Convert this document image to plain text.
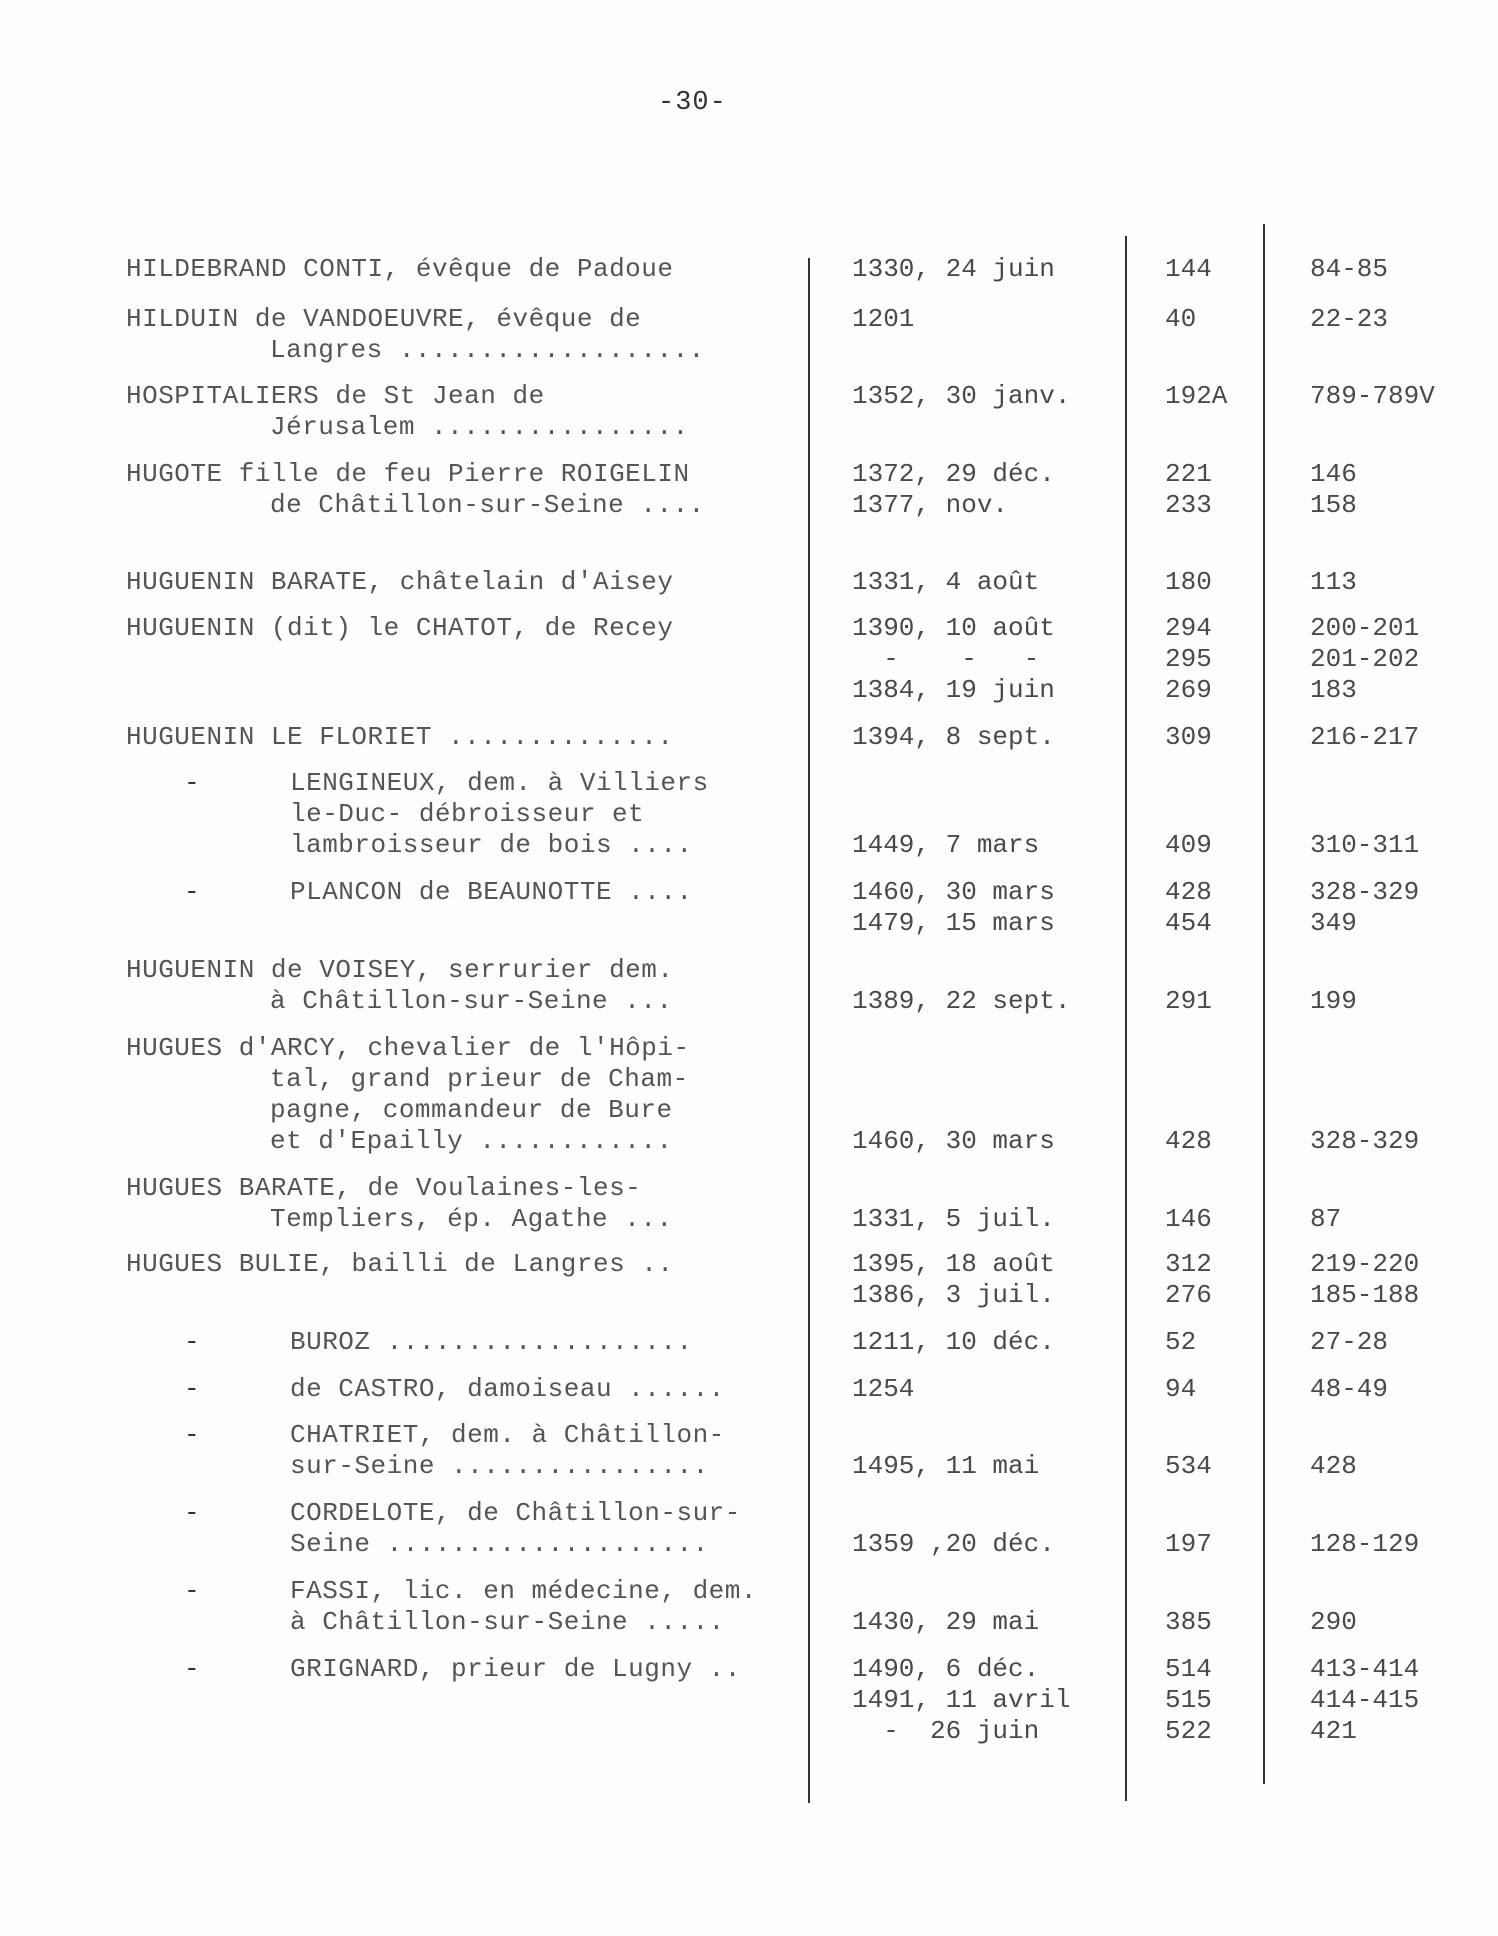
-30-
HILDEBRAND CONTI, évêque de Padoue	1330, 24 juin	144	84-85
HILDUIN de VANDOEUVRE, évêque de
Langres ...................
1201	40	22-23
HOSPITALIERS de St Jean de
Jérusalem ................
1352, 30 janv.	192A	789-789V
HUGOTE fille de feu Pierre ROIGELIN
de Châtillon-sur-Seine ....
1372, 29 déc.	221	146
1377, nov.	233	158
HUGUENIN BARATE, châtelain d'Aisey	1331, 4 août	180	113
HUGUENIN (dit) le CHATOT, de Recey	1390, 10 août	294	200-201
-    -   -	295	201-202
1384, 19 juin	269	183
HUGUENIN LE FLORIET ..............	1394, 8 sept.	309	216-217
-	LENGINEUX, dem. à Villiers
le-Duc- débroisseur et
lambroisseur de bois ....	1449, 7 mars	409	310-311
-	PLANCON de BEAUNOTTE ....	1460, 30 mars	428	328-329
1479, 15 mars	454	349
HUGUENIN de VOISEY, serrurier dem.
à Châtillon-sur-Seine ...	1389, 22 sept.	291	199
HUGUES d'ARCY, chevalier de l'Hôpi-
tal, grand prieur de Cham-
pagne, commandeur de Bure
et d'Epailly ............	1460, 30 mars	428	328-329
HUGUES BARATE, de Voulaines-les-
Templiers, ép. Agathe ...	1331, 5 juil.	146	87
HUGUES BULIE, bailli de Langres ..	1395, 18 août	312	219-220
1386, 3 juil.	276	185-188
-	BUROZ ...................	1211, 10 déc.	52	27-28
-	de CASTRO, damoiseau ......	1254	94	48-49
-	CHATRIET, dem. à Châtillon-
sur-Seine ................	1495, 11 mai	534	428
-	CORDELOTE, de Châtillon-sur-
Seine ....................	1359 ,20 déc.	197	128-129
-	FASSI, lic. en médecine, dem.
à Châtillon-sur-Seine .....	1430, 29 mai	385	290
-	GRIGNARD, prieur de Lugny ..	1490, 6 déc.	514	413-414
1491, 11 avril	515	414-415
-  26 juin	522	421
